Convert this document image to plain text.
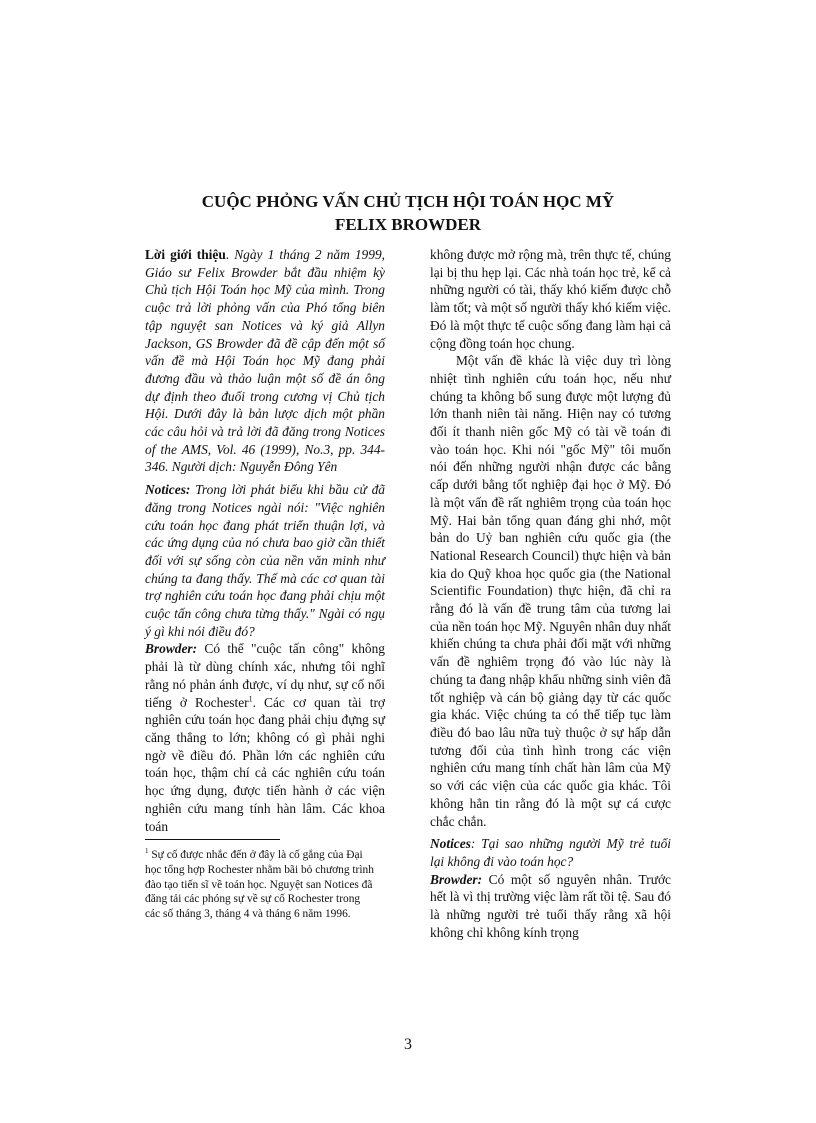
CUỘC PHỎNG VẤN CHỦ TỊCH HỘI TOÁN HỌC MỸ
FELIX BROWDER

Lời giới thiệu. Ngày 1 tháng 2 năm 1999, Giáo sư Felix Browder bắt đầu nhiệm kỳ Chủ tịch Hội Toán học Mỹ của mình. Trong cuộc trả lời phỏng vấn của Phó tổng biên tập nguyệt san Notices và ký giả Allyn Jackson, GS Browder đã đề cập đến một số vấn đề mà Hội Toán học Mỹ đang phải đương đầu và thảo luận một số đề án ông dự định theo đuổi trong cương vị Chủ tịch Hội. Dưới đây là bản lược dịch một phần các câu hỏi và trả lời đã đăng trong Notices of the AMS, Vol. 46 (1999), No.3, pp. 344-346. Người dịch: Nguyễn Đông Yên

Notices: Trong lời phát biểu khi bầu cử đã đăng trong Notices ngài nói: "Việc nghiên cứu toán học đang phát triển thuận lợi, và các ứng dụng của nó chưa bao giờ cần thiết đối với sự sống còn của nền văn minh như chúng ta đang thấy. Thế mà các cơ quan tài trợ nghiên cứu toán học đang phải chịu một cuộc tấn công chưa từng thấy." Ngài có ngụ ý gì khi nói điều đó?

Browder: Có thể "cuộc tấn công" không phải là từ dùng chính xác, nhưng tôi nghĩ rằng nó phản ánh được, ví dụ như, sự cố nổi tiếng ở Rochester$^1$. Các cơ quan tài trợ nghiên cứu toán học đang phải chịu đựng sự căng thẳng to lớn; không có gì phải nghi ngờ về điều đó. Phần lớn các nghiên cứu toán học, thậm chí cả các nghiên cứu toán học ứng dụng, được tiến hành ở các viện nghiên cứu mang tính hàn lâm. Các khoa toán

không được mở rộng mà, trên thực tế, chúng lại bị thu hẹp lại. Các nhà toán học trẻ, kể cả những người có tài, thấy khó kiếm được chỗ làm tốt; và một số người thấy khó kiếm việc. Đó là một thực tế cuộc sống đang làm hại cả cộng đồng toán học chung.

Một vấn đề khác là việc duy trì lòng nhiệt tình nghiên cứu toán học, nếu như chúng ta không bổ sung được một lượng đủ lớn thanh niên tài năng. Hiện nay có tương đối ít thanh niên gốc Mỹ có tài về toán đi vào toán học. Khi nói "gốc Mỹ" tôi muốn nói đến những người nhận được các bằng cấp dưới bằng tốt nghiệp đại học ở Mỹ. Đó là một vấn đề rất nghiêm trọng của toán học Mỹ. Hai bản tổng quan đáng ghi nhớ, một bản do Uỷ ban nghiên cứu quốc gia (the National Research Council) thực hiện và bản kia do Quỹ khoa học quốc gia (the National Scientific Foundation) thực hiện, đã chỉ ra rằng đó là vấn đề trung tâm của tương lai của nền toán học Mỹ. Nguyên nhân duy nhất khiến chúng ta chưa phải đối mặt với những vấn đề nghiêm trọng đó vào lúc này là chúng ta đang nhập khẩu những sinh viên đã tốt nghiệp và cán bộ giảng dạy từ các quốc gia khác. Việc chúng ta có thể tiếp tục làm điều đó bao lâu nữa tuỳ thuộc ở sự hấp dẫn tương đối của tình hình trong các viện nghiên cứu mang tính chất hàn lâm của Mỹ so với các viện của các quốc gia khác. Tôi không hẳn tin rằng đó là một sự cá cược chắc chắn.

Notices: Tại sao những người Mỹ trẻ tuổi lại không đi vào toán học?

Browder: Có một số nguyên nhân. Trước hết là vì thị trường việc làm rất tồi tệ. Sau đó là những người trẻ tuổi thấy rằng xã hội không chỉ không kính trọng

$^1$ Sự cố được nhắc đến ở đây là cố gắng của Đại học tổng hợp Rochester nhằm bãi bỏ chương trình đào tạo tiến sĩ về toán học. Nguyệt san Notices đã đăng tải các phóng sự về sự cố Rochester trong các số tháng 3, tháng 4 và tháng 6 năm 1996.
3
